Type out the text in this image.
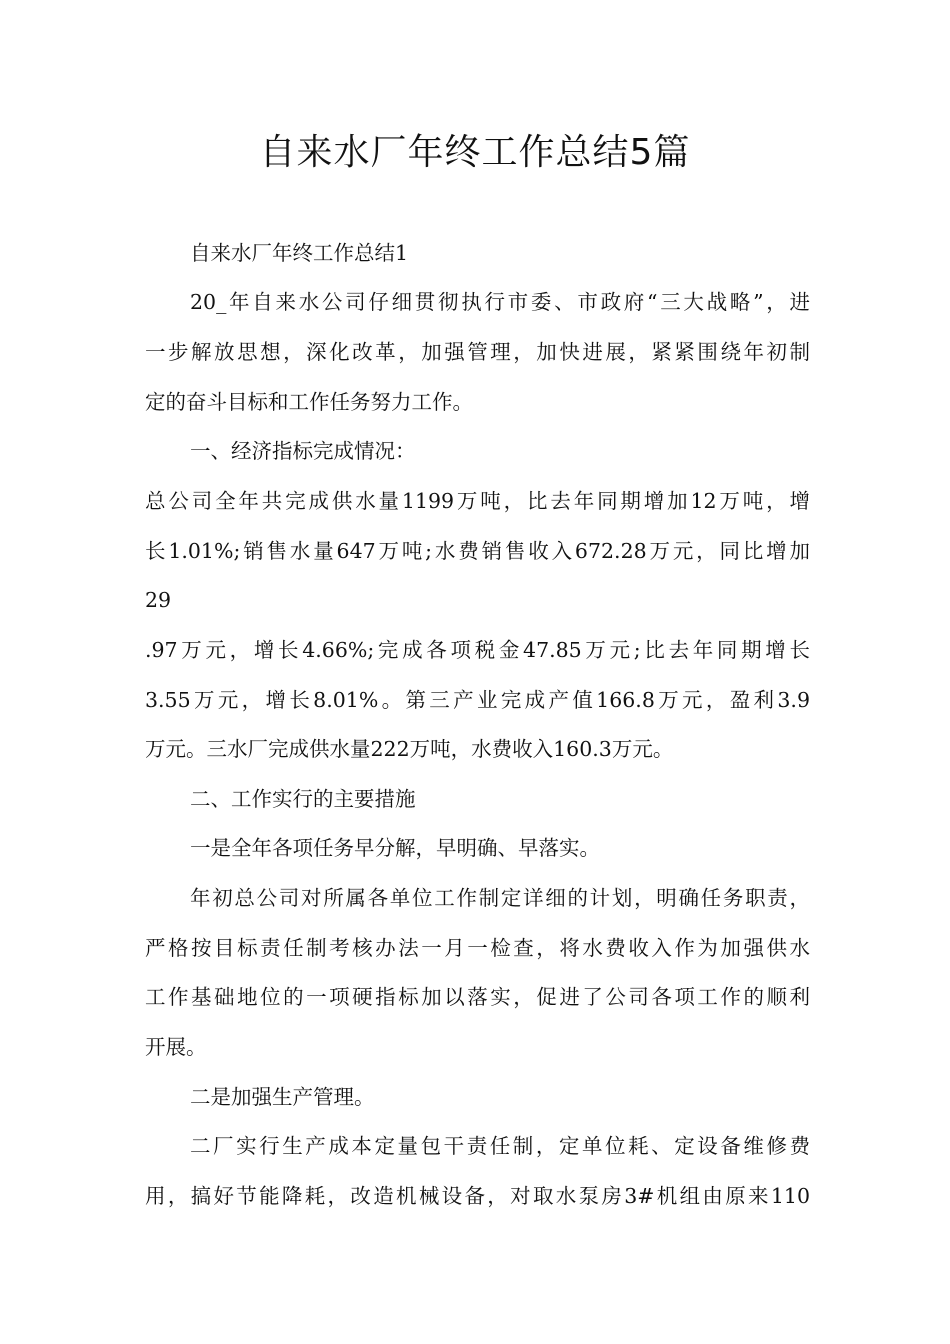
自来水厂年终工作总结5篇
自来水厂年终工作总结1
20_年自来水公司仔细贯彻执行市委、市政府“三大战略”，进
一步解放思想，深化改革，加强管理，加快进展，紧紧围绕年初制
定的奋斗目标和工作任务努力工作。
一、经济指标完成情况：
总公司全年共完成供水量1199万吨，比去年同期增加12万吨，增
长1.01%;销售水量647万吨;水费销售收入672.28万元，同比增加
29
.97万元，增长4.66%;完成各项税金47.85万元;比去年同期增长
3.55万元，增长8.01%。第三产业完成产值166.8万元，盈利3.9
万元。三水厂完成供水量222万吨，水费收入160.3万元。
二、工作实行的主要措施
一是全年各项任务早分解，早明确、早落实。
年初总公司对所属各单位工作制定详细的计划，明确任务职责，
严格按目标责任制考核办法一月一检查，将水费收入作为加强供水
工作基础地位的一项硬指标加以落实，促进了公司各项工作的顺利
开展。
二是加强生产管理。
二厂实行生产成本定量包干责任制，定单位耗、定设备维修费
用，搞好节能降耗，改造机械设备，对取水泵房3#机组由原来110
